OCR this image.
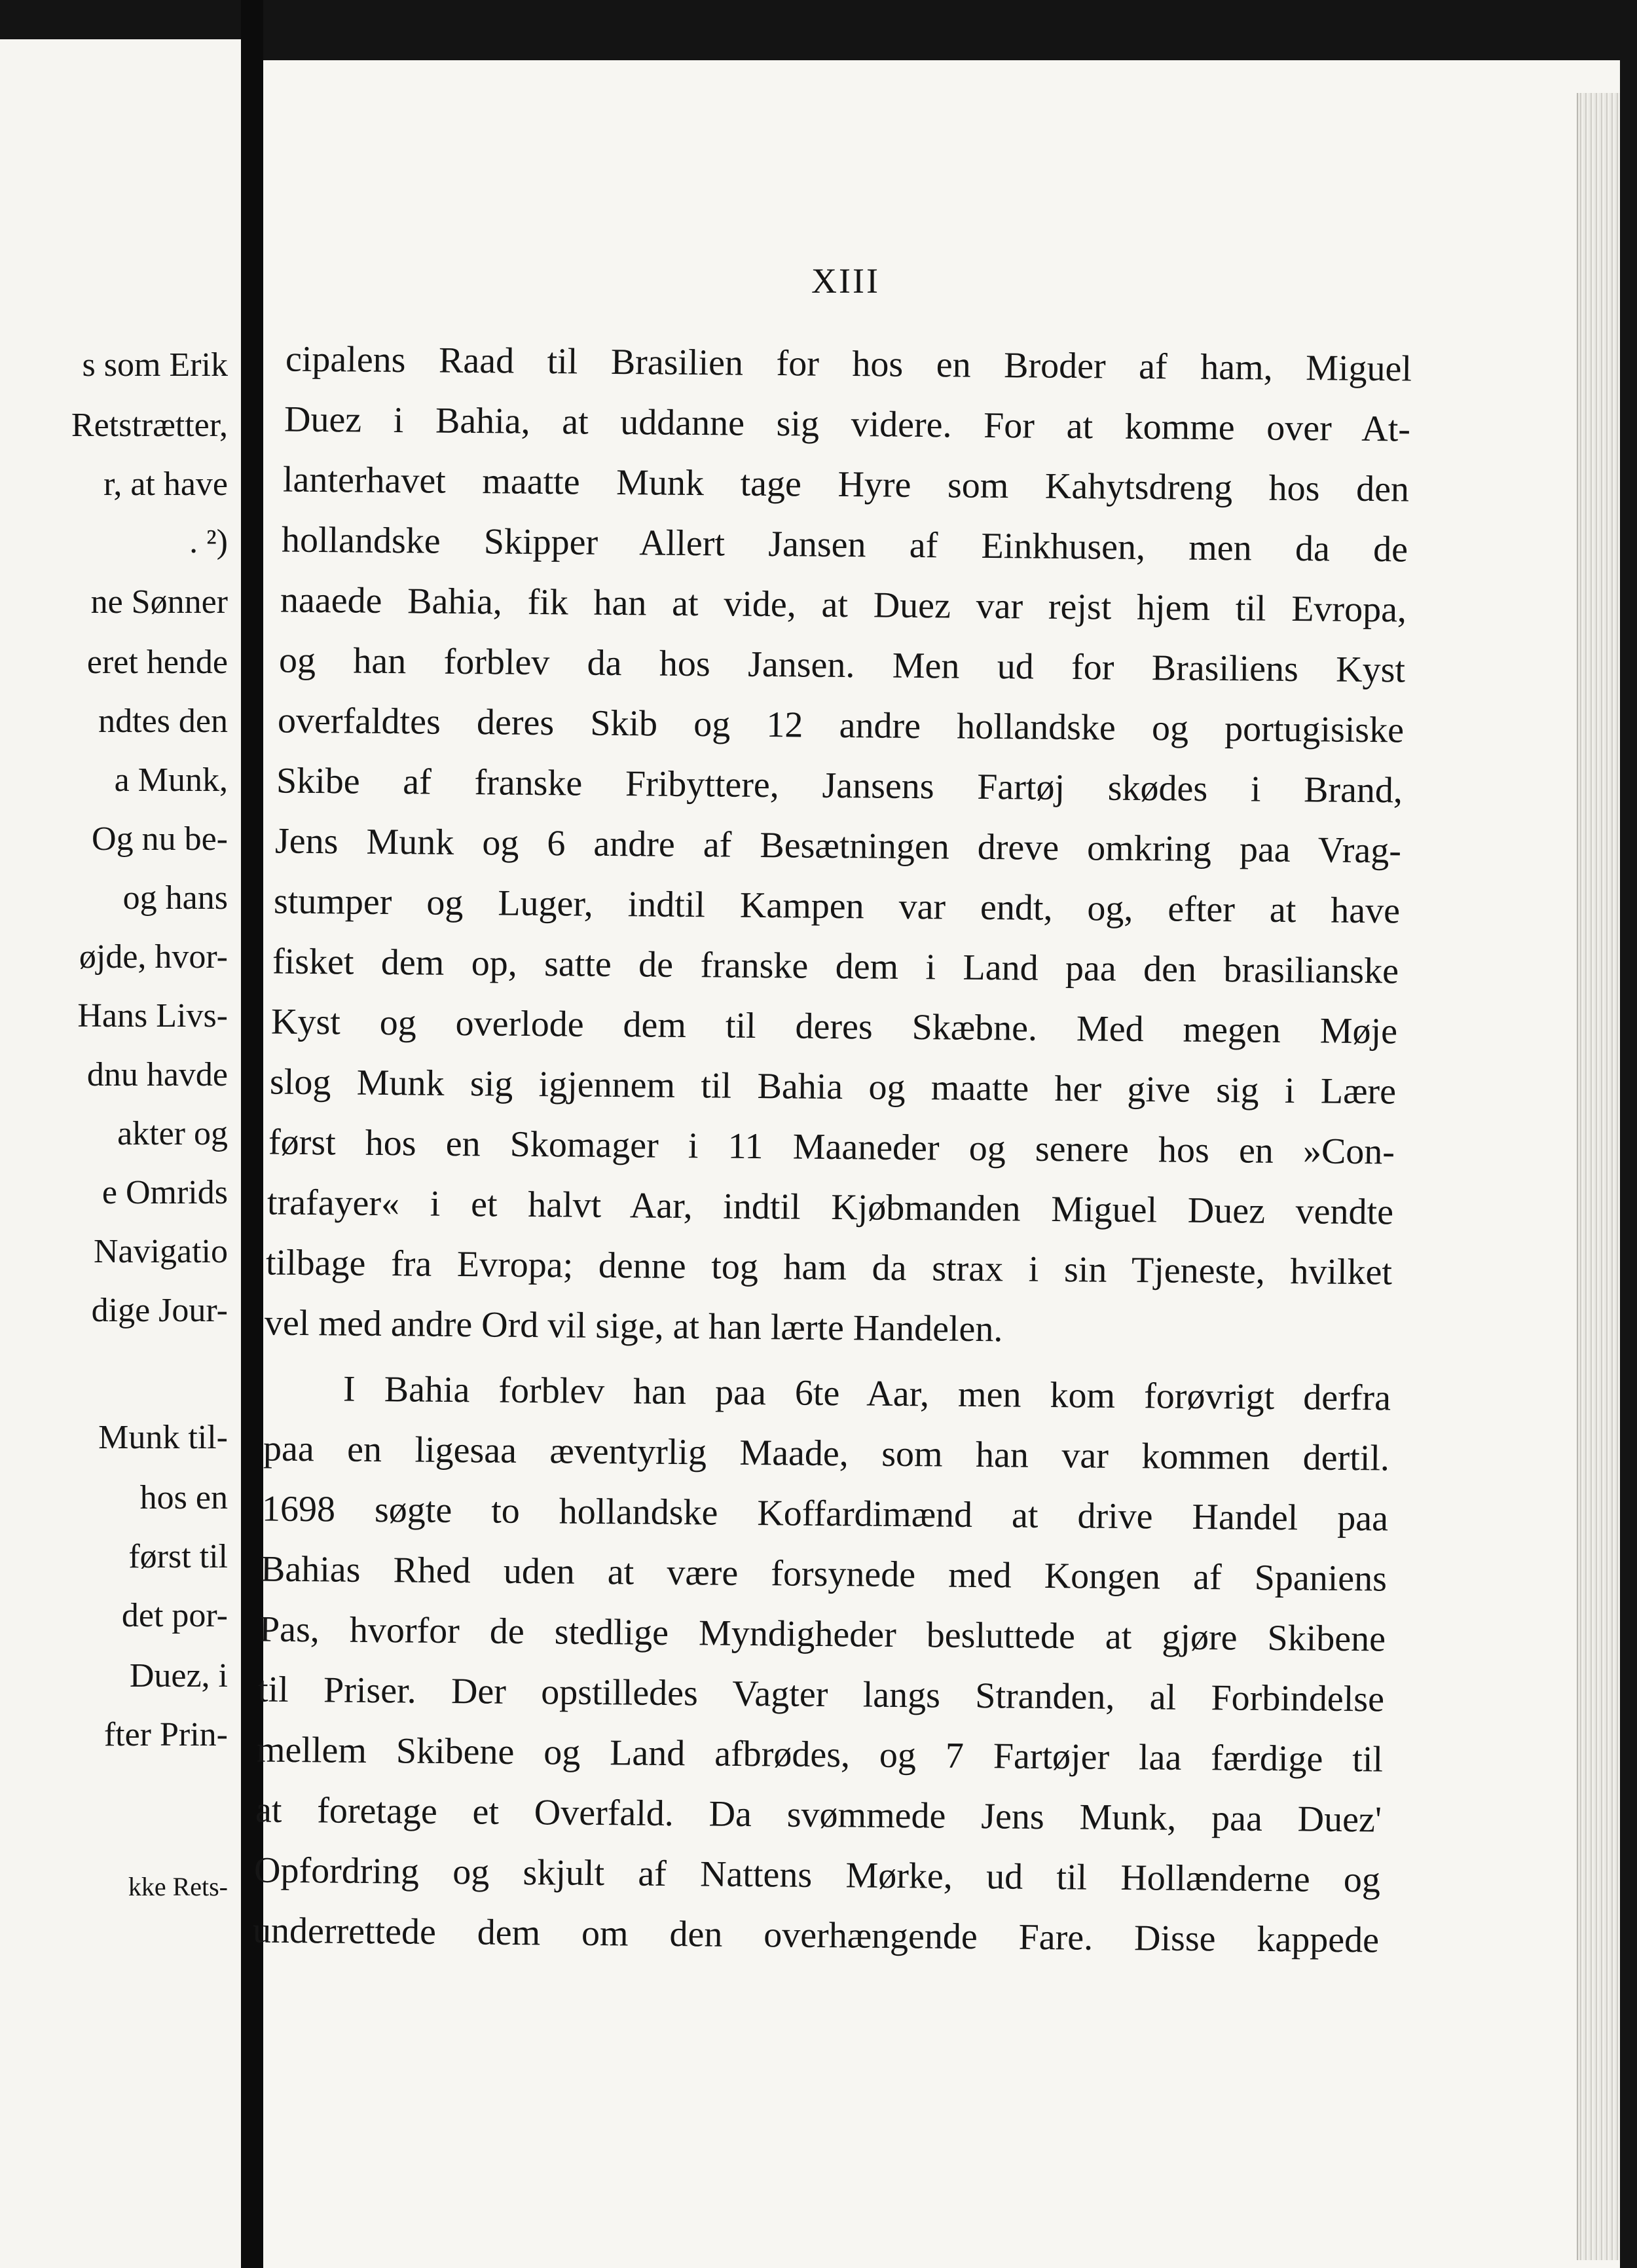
s som Erik
Retstrætter,
r, at have
. ²)
ne Sønner
eret hende
ndtes den
a Munk,
Og nu be-
og hans
øjde, hvor-
Hans Livs-
dnu havde
akter og
e Omrids
Navigatio
dige Jour-
Munk til-
hos en
først til
det por-
Duez, i
fter Prin-
kke Rets-
XIII
cipalens Raad til Brasilien for hos en Broder af ham, Miguel
Duez i Bahia, at uddanne sig videre. For at komme over At-
lanterhavet maatte Munk tage Hyre som Kahytsdreng hos den
hollandske Skipper Allert Jansen af Einkhusen, men da de
naaede Bahia, fik han at vide, at Duez var rejst hjem til Evropa,
og han forblev da hos Jansen. Men ud for Brasiliens Kyst
overfaldtes deres Skib og 12 andre hollandske og portugisiske
Skibe af franske Fribyttere, Jansens Fartøj skødes i Brand,
Jens Munk og 6 andre af Besætningen dreve omkring paa Vrag-
stumper og Luger, indtil Kampen var endt, og, efter at have
fisket dem op, satte de franske dem i Land paa den brasilianske
Kyst og overlode dem til deres Skæbne. Med megen Møje
slog Munk sig igjennem til Bahia og maatte her give sig i Lære
først hos en Skomager i 11 Maaneder og senere hos en »Con-
trafayer« i et halvt Aar, indtil Kjøbmanden Miguel Duez vendte
tilbage fra Evropa; denne tog ham da strax i sin Tjeneste, hvilket
vel med andre Ord vil sige, at han lærte Handelen.
I Bahia forblev han paa 6te Aar, men kom forøvrigt derfra
paa en ligesaa æventyrlig Maade, som han var kommen dertil.
1698 søgte to hollandske Koffardimænd at drive Handel paa
Bahias Rhed uden at være forsynede med Kongen af Spaniens
Pas, hvorfor de stedlige Myndigheder besluttede at gjøre Skibene
til Priser. Der opstilledes Vagter langs Stranden, al Forbindelse
mellem Skibene og Land afbrødes, og 7 Fartøjer laa færdige til
at foretage et Overfald. Da svømmede Jens Munk, paa Duez'
Opfordring og skjult af Nattens Mørke, ud til Hollænderne og
underrettede dem om den overhængende Fare. Disse kappede
